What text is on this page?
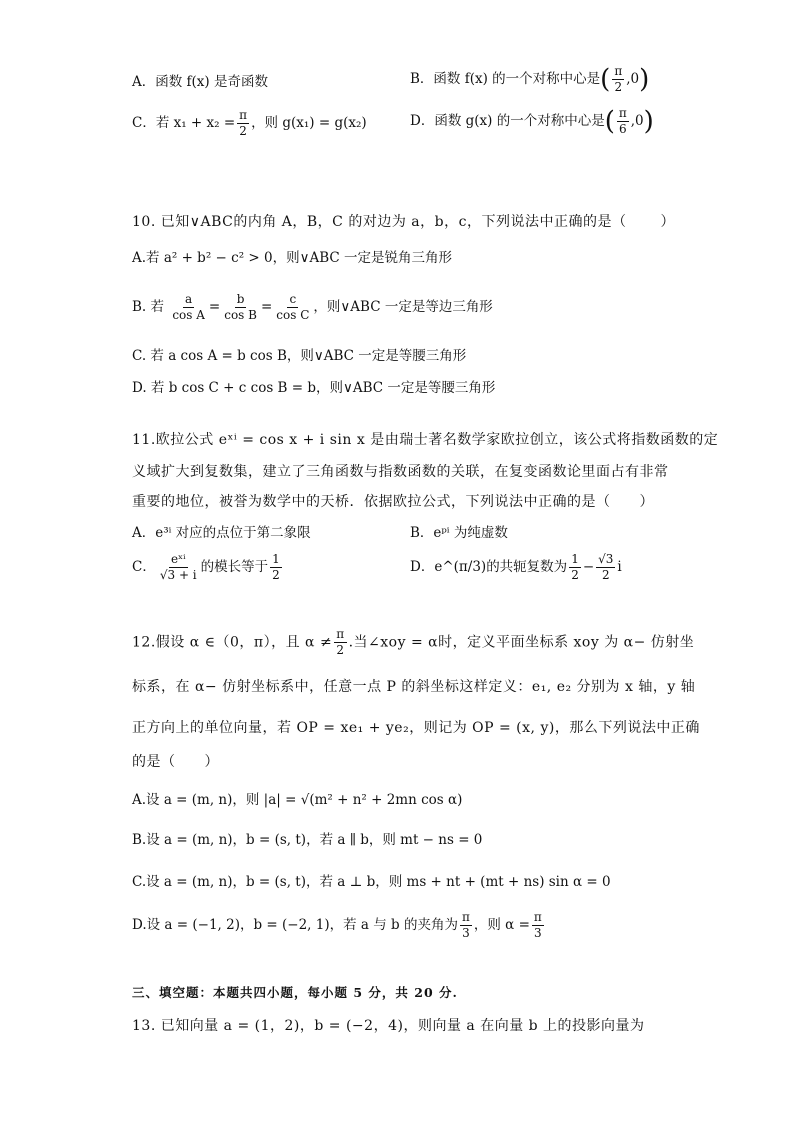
A．函数 f(x) 是奇函数	B．函数 f(x) 的一个对称中心是( $\frac{\pi}{2} ,0$)
C．若 $x_1 + x_2 = \frac{\pi}{2}$ ，则 g(x₁) = g(x₂)	D．函数 g(x) 的一个对称中心是( $\frac{\pi}{6} ,0$)
10. 已知∨ABC的内角 A，B，C 的对边为 a，b，c，下列说法中正确的是（ ）
A.若 a² + b² − c² > 0，则∨ABC 一定是锐角三角形
B. 若 $\frac{a}{\text{cos A}} = \frac{b}{\text{cos B}} = \frac{c}{\text{cos C}}$ ，则∨ABC 一定是等边三角形
C. 若 a cos A = b cos B，则∨ABC 一定是等腰三角形
D. 若 b cos C + c cos B = b，则∨ABC 一定是等腰三角形
11.欧拉公式 eˣⁱ = cos x + i sin x 是由瑞士著名数学家欧拉创立，该公式将指数函数的定
义域扩大到复数集，建立了三角函数与指数函数的关联，在复变函数论里面占有非常
重要的地位，被誉为数学中的天桥．依据欧拉公式，下列说法中正确的是（　　）
A．e³ⁱ 对应的点位于第二象限	B．eᵖⁱ 为纯虚数
C． $\frac{\text{eˣⁱ}}{√3 + i}$ 的模长等于 $\frac{1}{2}$	D．e^(π/3)的共轭复数为 $\frac{1}{2} - \frac{√3}{2}$ i
12.假设 α ∈（0，π），且 $\alpha \ne \frac{\pi}{2}$ .当∠xoy = α时，定义平面坐标系 xoy 为 α− 仿射坐
标系，在 α− 仿射坐标系中，任意一点 P 的斜坐标这样定义：e₁, e₂ 分别为 x 轴，y 轴
正方向上的单位向量，若 OP = xe₁ + ye₂，则记为 OP = (x, y)，那么下列说法中正确
的是（　　）
A.设 a = (m, n)，则 |a| = √(m² + n² + 2mn cos α)
B.设 a = (m, n)，b = (s, t)，若 a ∥ b，则 mt − ns = 0
C.设 a = (m, n)，b = (s, t)，若 a ⊥ b，则 ms + nt + (mt + ns) sin α = 0
D.设 a = (−1, 2)，b = (−2, 1)，若 a 与 b 的夹角为 $\frac{\pi}{3}$ ，则 $\alpha = \frac{\pi}{3}$
三、填空题：本题共四小题，每小题 5 分，共 20 分.
13. 已知向量 a = (1，2)，b = (−2，4)，则向量 a 在向量 b 上的投影向量为
